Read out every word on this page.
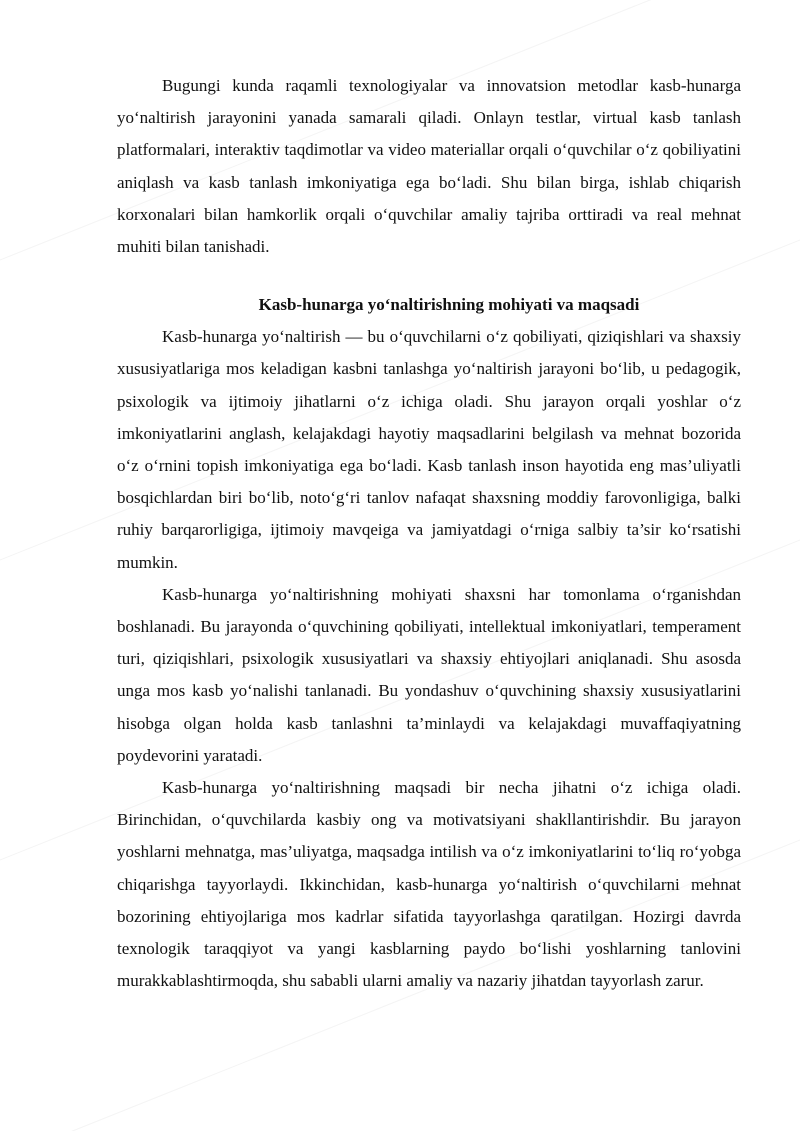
Bugungi kunda raqamli texnologiyalar va innovatsion metodlar kasb-hunarga yoʻnaltirish jarayonini yanada samarali qiladi. Onlayn testlar, virtual kasb tanlash platformalari, interaktiv taqdimotlar va video materiallar orqali oʻquvchilar oʻz qobiliyatini aniqlash va kasb tanlash imkoniyatiga ega boʻladi. Shu bilan birga, ishlab chiqarish korxonalari bilan hamkorlik orqali oʻquvchilar amaliy tajriba orttiradi va real mehnat muhiti bilan tanishadi.

Kasb-hunarga yoʻnaltirishning mohiyati va maqsadi

Kasb-hunarga yoʻnaltirish — bu oʻquvchilarni oʻz qobiliyati, qiziqishlari va shaxsiy xususiyatlariga mos keladigan kasbni tanlashga yoʻnaltirish jarayoni boʻlib, u pedagogik, psixologik va ijtimoiy jihatlarni oʻz ichiga oladi. Shu jarayon orqali yoshlar oʻz imkoniyatlarini anglash, kelajakdagi hayotiy maqsadlarini belgilash va mehnat bozorida oʻz oʻrnini topish imkoniyatiga ega boʻladi. Kasb tanlash inson hayotida eng mas’uliyatli bosqichlardan biri boʻlib, notoʻgʻri tanlov nafaqat shaxsning moddiy farovonligiga, balki ruhiy barqarorligiga, ijtimoiy mavqeiga va jamiyatdagi oʻrniga salbiy ta’sir koʻrsatishi mumkin.

Kasb-hunarga yoʻnaltirishning mohiyati shaxsni har tomonlama oʻrganishdan boshlanadi. Bu jarayonda oʻquvchining qobiliyati, intellektual imkoniyatlari, temperament turi, qiziqishlari, psixologik xususiyatlari va shaxsiy ehtiyojlari aniqlanadi. Shu asosda unga mos kasb yoʻnalishi tanlanadi. Bu yondashuv oʻquvchining shaxsiy xususiyatlarini hisobga olgan holda kasb tanlashni ta’minlaydi va kelajakdagi muvaffaqiyatning poydevorini yaratadi.

Kasb-hunarga yoʻnaltirishning maqsadi bir necha jihatni oʻz ichiga oladi. Birinchidan, oʻquvchilarda kasbiy ong va motivatsiyani shakllantirishdir. Bu jarayon yoshlarni mehnatga, mas’uliyatga, maqsadga intilish va oʻz imkoniyatlarini toʻliq roʻyobga chiqarishga tayyorlaydi. Ikkinchidan, kasb-hunarga yoʻnaltirish oʻquvchilarni mehnat bozorining ehtiyojlariga mos kadrlar sifatida tayyorlashga qaratilgan. Hozirgi davrda texnologik taraqqiyot va yangi kasblarning paydo boʻlishi yoshlarning tanlovini murakkablashtirmoqda, shu sababli ularni amaliy va nazariy jihatdan tayyorlash zarur.
